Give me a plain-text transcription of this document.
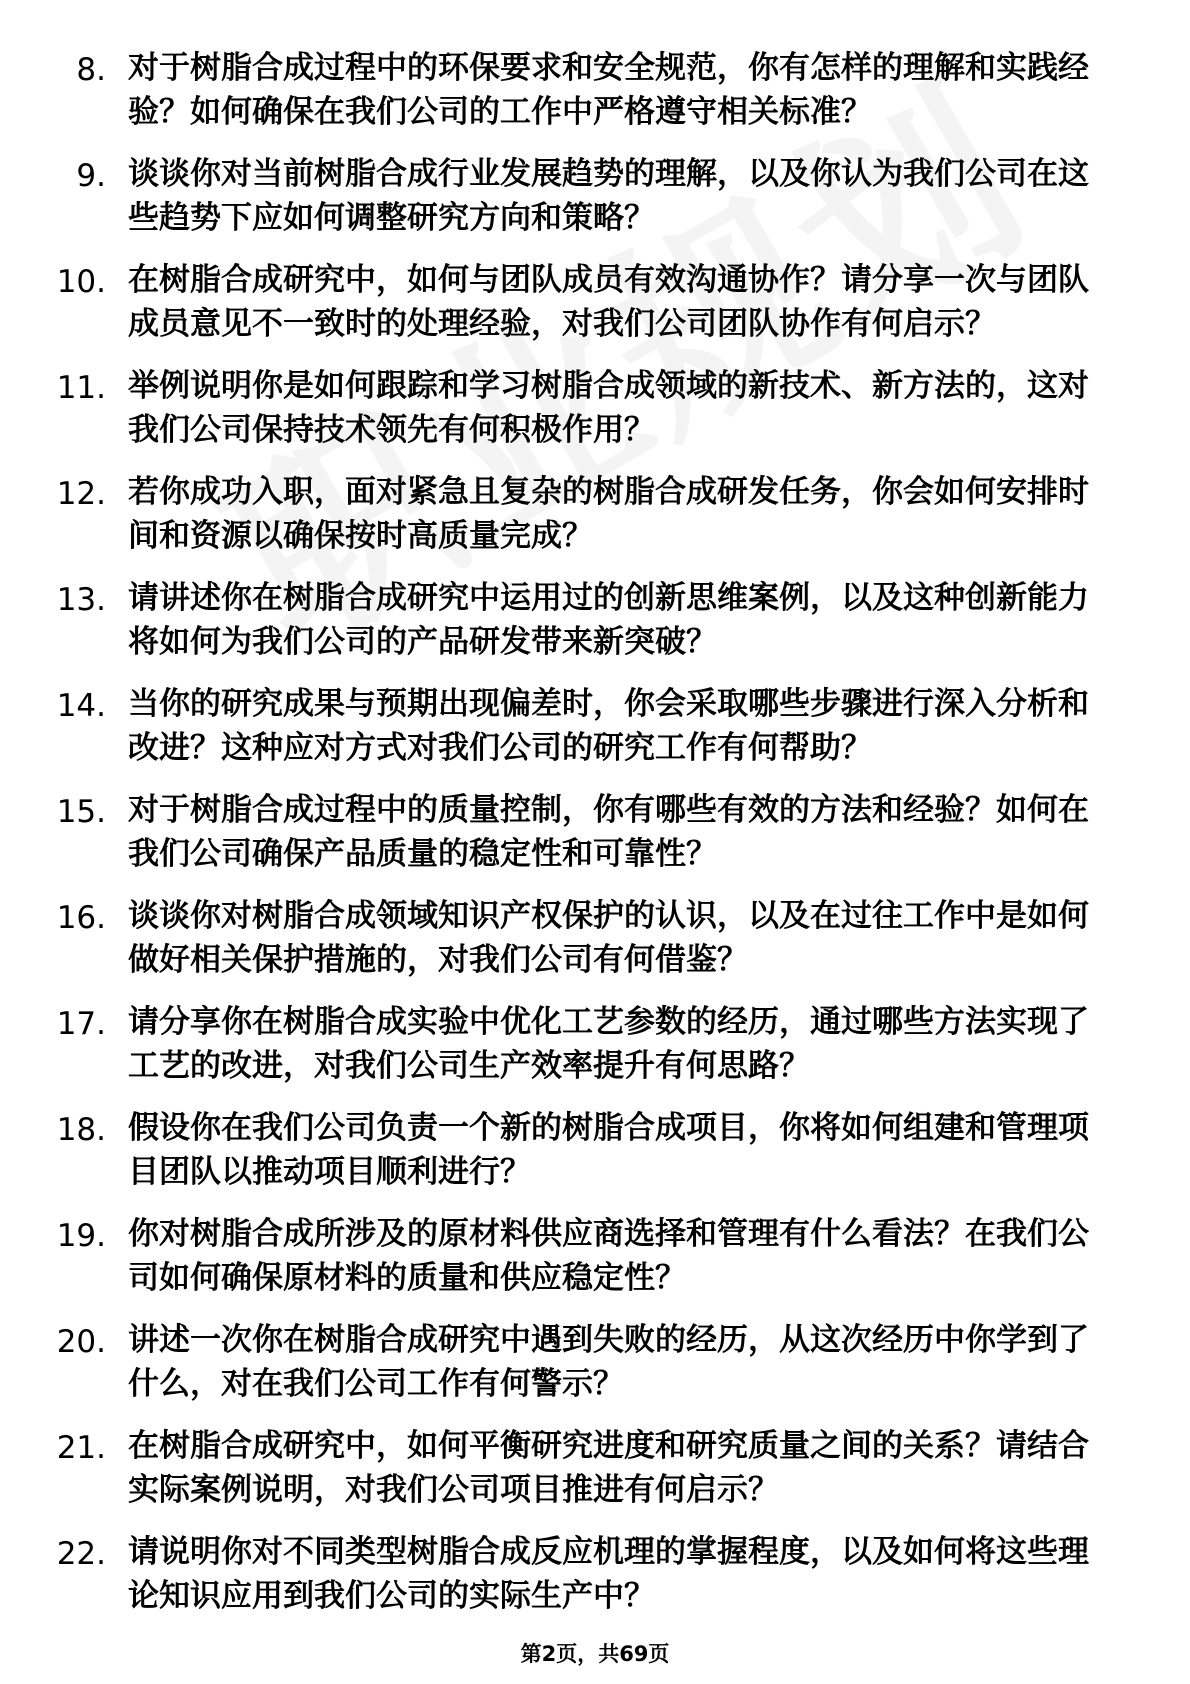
8. 对于树脂合成过程中的环保要求和安全规范，你有怎样的理解和实践经验？如何确保在我们公司的工作中严格遵守相关标准？
9. 谈谈你对当前树脂合成行业发展趋势的理解，以及你认为我们公司在这些趋势下应如何调整研究方向和策略？
10. 在树脂合成研究中，如何与团队成员有效沟通协作？请分享一次与团队成员意见不一致时的处理经验，对我们公司团队协作有何启示？
11. 举例说明你是如何跟踪和学习树脂合成领域的新技术、新方法的，这对我们公司保持技术领先有何积极作用？
12. 若你成功入职，面对紧急且复杂的树脂合成研发任务，你会如何安排时间和资源以确保按时高质量完成？
13. 请讲述你在树脂合成研究中运用过的创新思维案例，以及这种创新能力将如何为我们公司的产品研发带来新突破？
14. 当你的研究成果与预期出现偏差时，你会采取哪些步骤进行深入分析和改进？这种应对方式对我们公司的研究工作有何帮助？
15. 对于树脂合成过程中的质量控制，你有哪些有效的方法和经验？如何在我们公司确保产品质量的稳定性和可靠性？
16. 谈谈你对树脂合成领域知识产权保护的认识，以及在过往工作中是如何做好相关保护措施的，对我们公司有何借鉴？
17. 请分享你在树脂合成实验中优化工艺参数的经历，通过哪些方法实现了工艺的改进，对我们公司生产效率提升有何思路？
18. 假设你在我们公司负责一个新的树脂合成项目，你将如何组建和管理项目团队以推动项目顺利进行？
19. 你对树脂合成所涉及的原材料供应商选择和管理有什么看法？在我们公司如何确保原材料的质量和供应稳定性？
20. 讲述一次你在树脂合成研究中遇到失败的经历，从这次经历中你学到了什么，对在我们公司工作有何警示？
21. 在树脂合成研究中，如何平衡研究进度和研究质量之间的关系？请结合实际案例说明，对我们公司项目推进有何启示？
22. 请说明你对不同类型树脂合成反应机理的掌握程度，以及如何将这些理论知识应用到我们公司的实际生产中？
第2页，共69页
